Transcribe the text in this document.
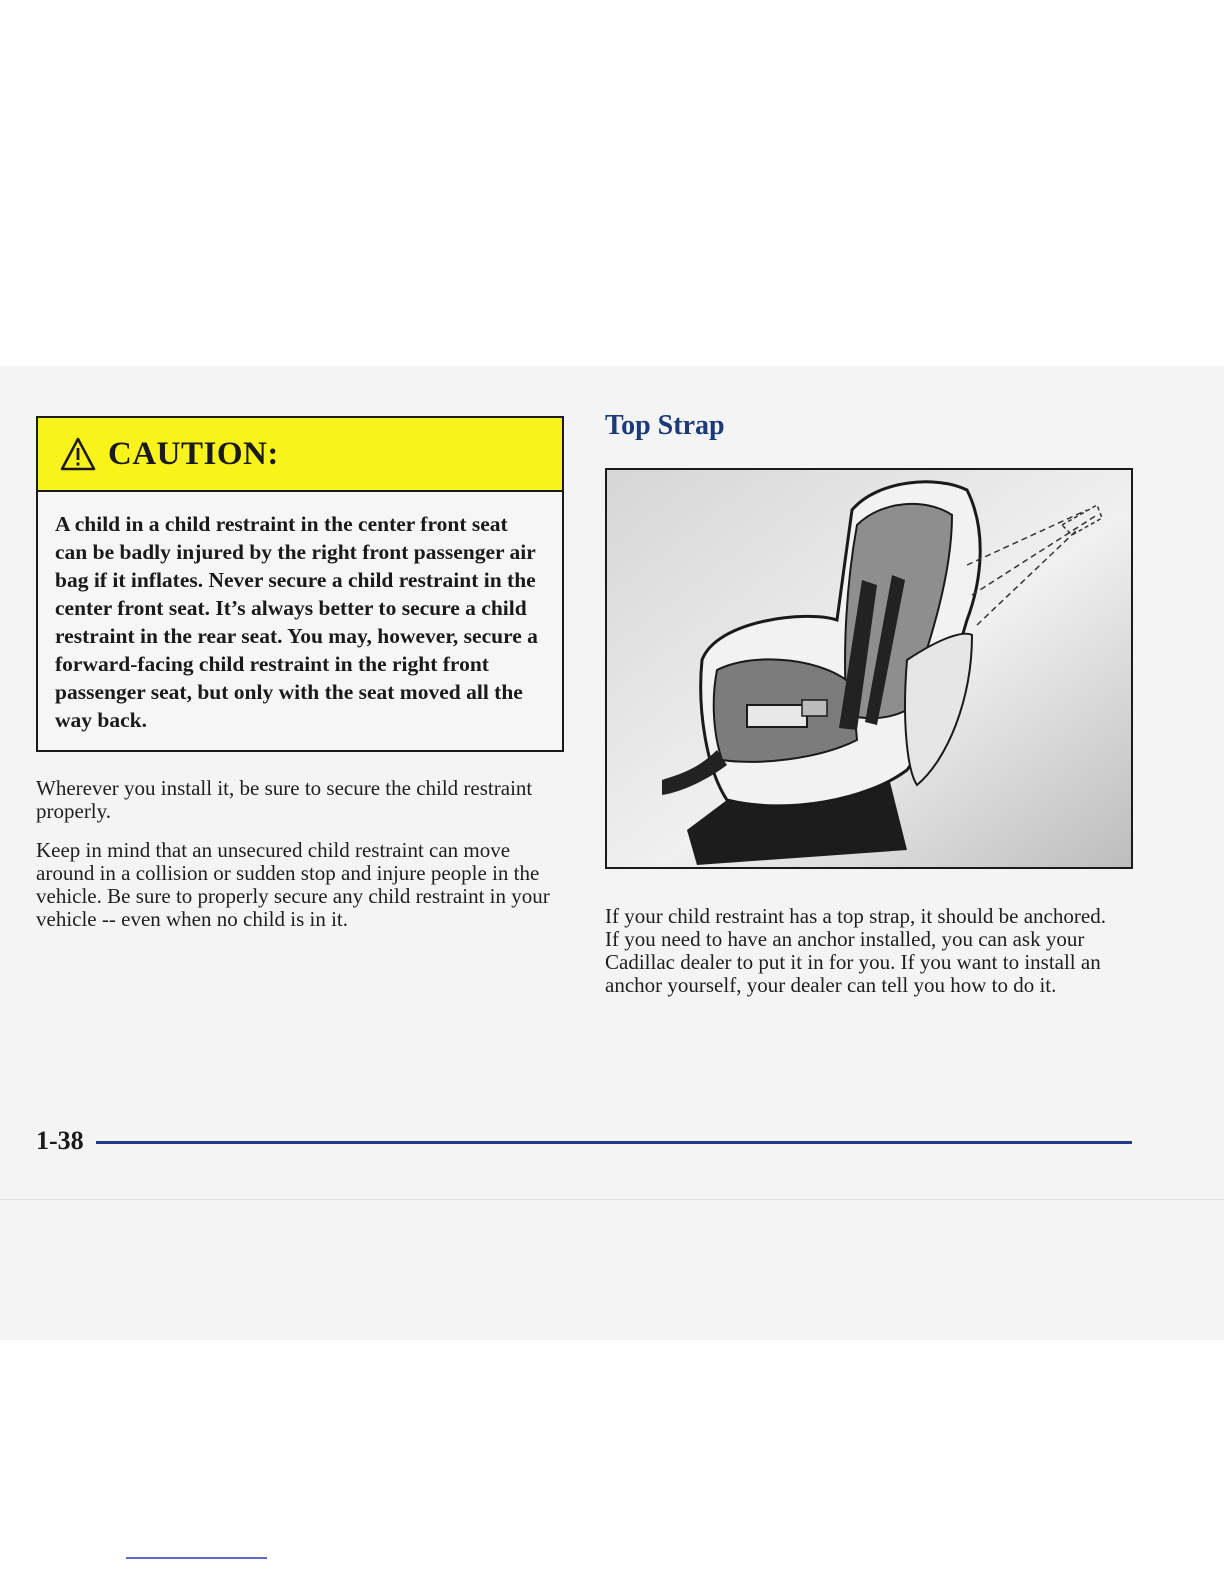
CAUTION:
A child in a child restraint in the center front seat can be badly injured by the right front passenger air bag if it inflates. Never secure a child restraint in the center front seat. It’s always better to secure a child restraint in the rear seat. You may, however, secure a forward-facing child restraint in the right front passenger seat, but only with the seat moved all the way back.
Wherever you install it, be sure to secure the child restraint properly.
Keep in mind that an unsecured child restraint can move around in a collision or sudden stop and injure people in the vehicle. Be sure to properly secure any child restraint in your vehicle -- even when no child is in it.
Top Strap
If your child restraint has a top strap, it should be anchored. If you need to have an anchor installed, you can ask your Cadillac dealer to put it in for you. If you want to install an anchor yourself, your dealer can tell you how to do it.
1-38
